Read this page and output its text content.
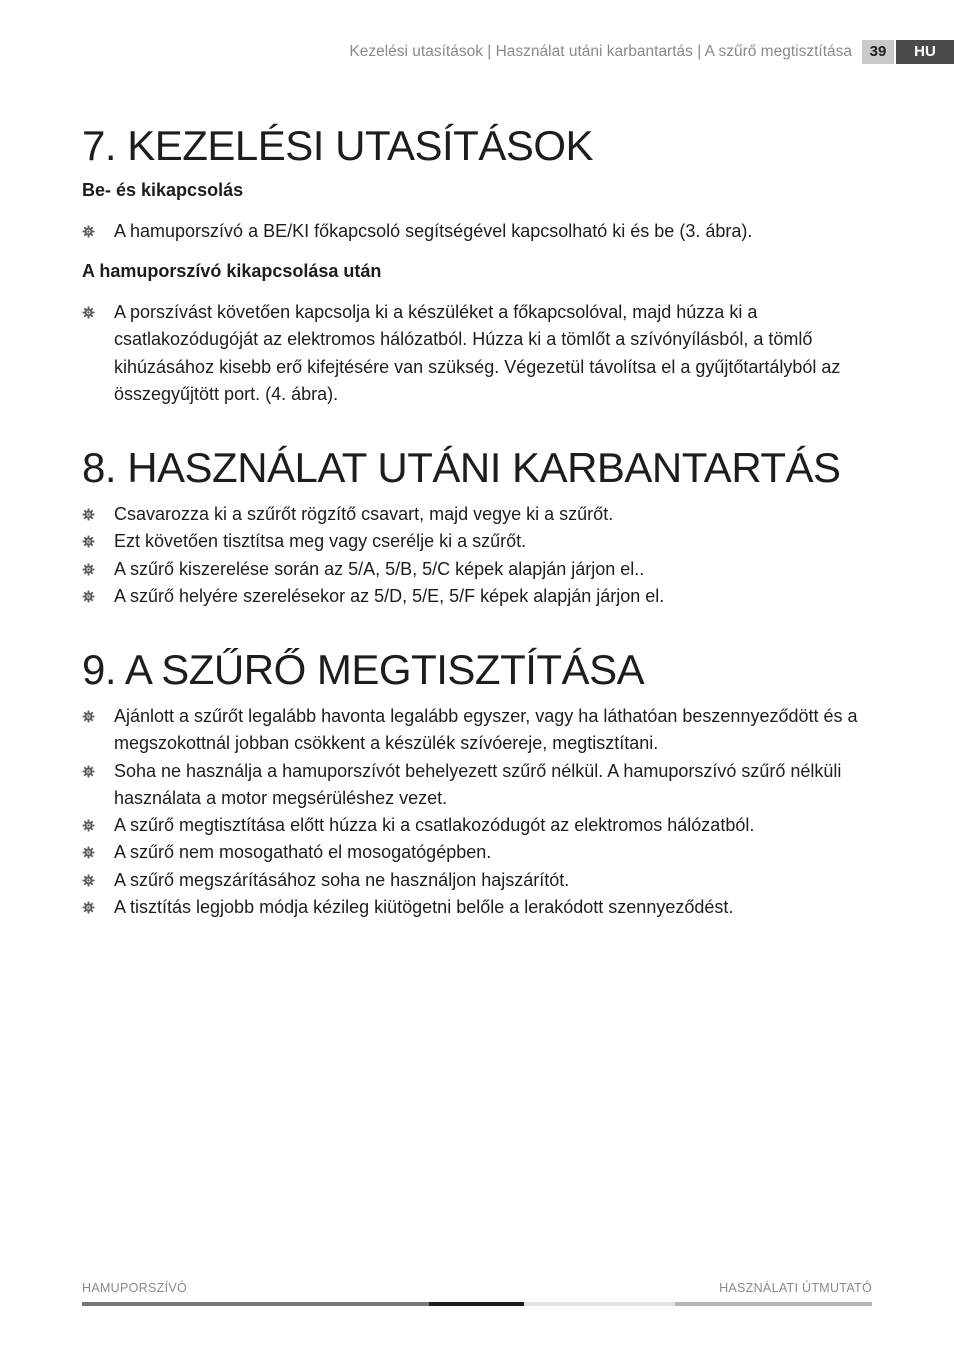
Kezelési utasítások | Használat utáni karbantartás | A szűrő megtisztítása	39	HU
7. KEZELÉSI UTASÍTÁSOK
Be- és kikapcsolás
A hamuporszívó a BE/KI főkapcsoló segítségével kapcsolható ki és be (3. ábra).
A hamuporszívó kikapcsolása után
A porszívást követően kapcsolja ki a készüléket a főkapcsolóval, majd húzza ki a csatlakozódugóját az elektromos hálózatból. Húzza ki a tömlőt a szívónyílásból, a tömlő kihúzásához kisebb erő kifejtésére van szükség. Végezetül távolítsa el a gyűjtőtartályból az összegyűjtött port. (4. ábra).
8. HASZNÁLAT UTÁNI KARBANTARTÁS
Csavarozza ki a szűrőt rögzítő csavart, majd vegye ki a szűrőt.
Ezt követően tisztítsa meg vagy cserélje ki a szűrőt.
A szűrő kiszerelése során az 5/A, 5/B, 5/C képek alapján járjon el..
A szűrő helyére szerelésekor az 5/D, 5/E, 5/F képek alapján járjon el.
9. A SZŰRŐ MEGTISZTÍTÁSA
Ajánlott a szűrőt legalább havonta legalább egyszer, vagy ha láthatóan beszennyeződött és a megszokottnál jobban csökkent a készülék szívóereje, megtisztítani.
Soha ne használja a hamuporszívót behelyezett szűrő nélkül. A hamuporszívó szűrő nélküli használata a motor megsérüléshez vezet.
A szűrő megtisztítása előtt húzza ki a csatlakozódugót az elektromos hálózatból.
A szűrő nem mosogatható el mosogatógépben.
A szűrő megszárításához soha ne használjon hajszárítót.
A tisztítás legjobb módja kézileg kiütögetni belőle a lerakódott szennyeződést.
HAMUPORSZÍVÓ	HASZNÁLATI ÚTMUTATÓ
